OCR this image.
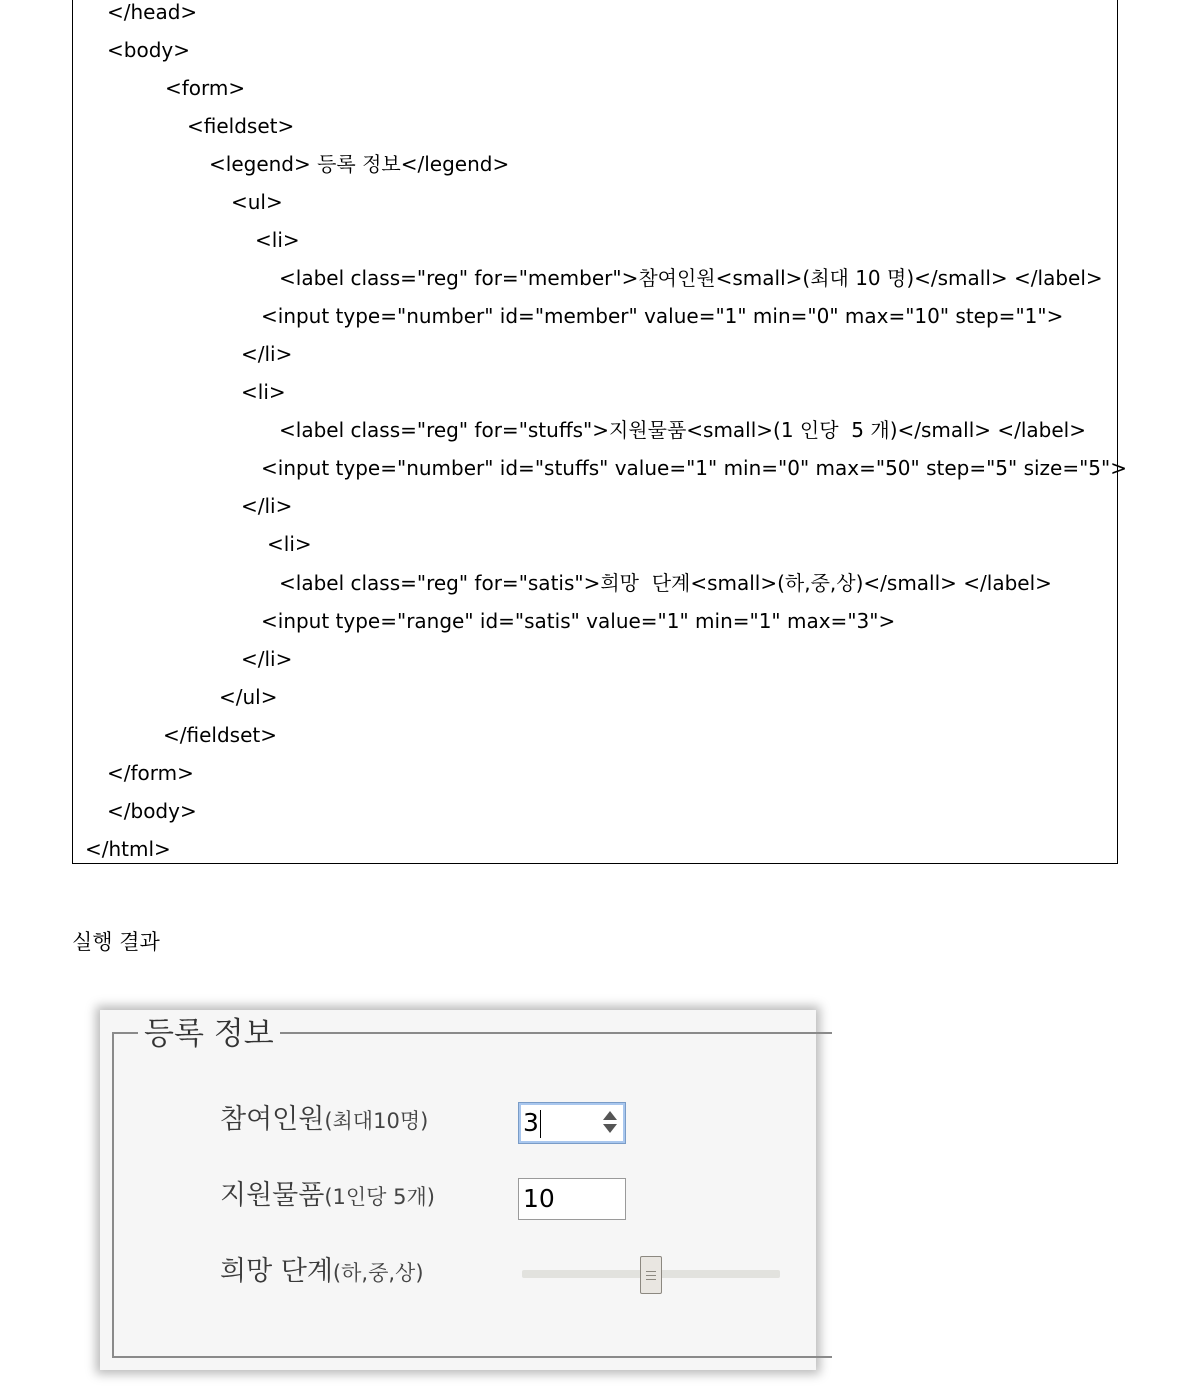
</head>
<body>
<form>
<fieldset>
<legend> 등록 정보</legend>
<ul>
<li>
<label class="reg" for="member">참여인원<small>(최대 10 명)</small> </label>
<input type="number" id="member" value="1" min="0" max="10" step="1">
</li>
<li>
<label class="reg" for="stuffs">지원물품<small>(1 인당  5 개)</small> </label>
<input type="number" id="stuffs" value="1" min="0" max="50" step="5" size="5">
</li>
<li>
<label class="reg" for="satis">희망  단계<small>(하,중,상)</small> </label>
<input type="range" id="satis" value="1" min="1" max="3">
</li>
</ul>
</fieldset>
</form>
</body>
</html>
실행 결과
등록 정보
참여인원(최대10명)	3
지원물품(1인당 5개)	10
희망 단계(하,중,상)
